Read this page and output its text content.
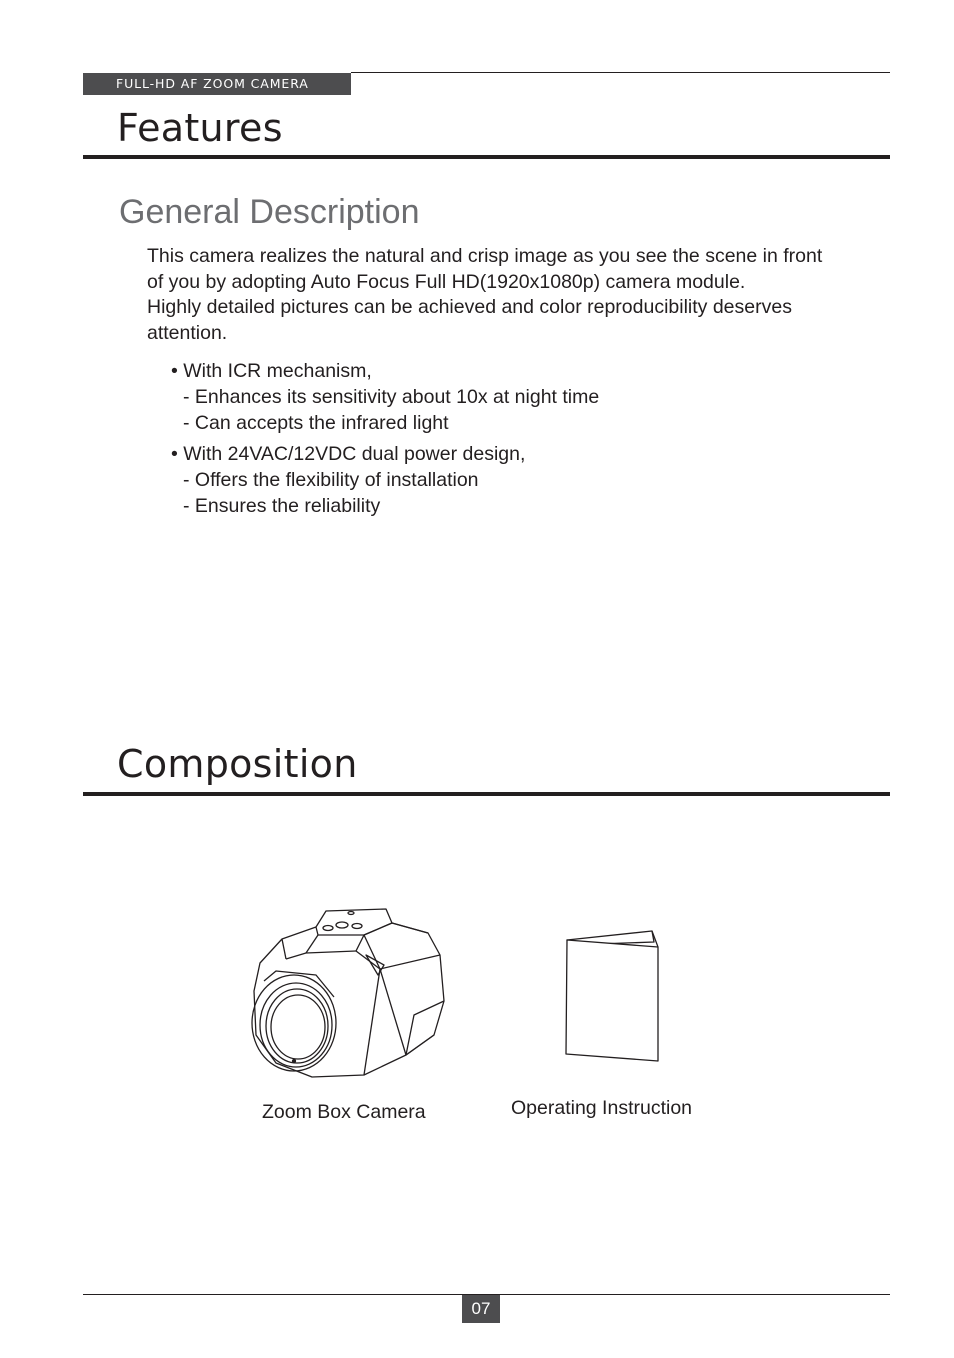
FULL-HD AF ZOOM CAMERA
Features
General Description

This camera realizes the natural and crisp image as you see the scene in front
of you by adopting Auto Focus Full HD(1920x1080p) camera module.
Highly detailed pictures can be achieved and color reproducibility deserves
attention.

• With ICR mechanism,
- Enhances its sensitivity about 10x at night time
- Can accepts the infrared light
• With 24VAC/12VDC dual power design,
- Offers the flexibility of installation
- Ensures the reliability
Composition
Zoom Box Camera	Operating Instruction
07
